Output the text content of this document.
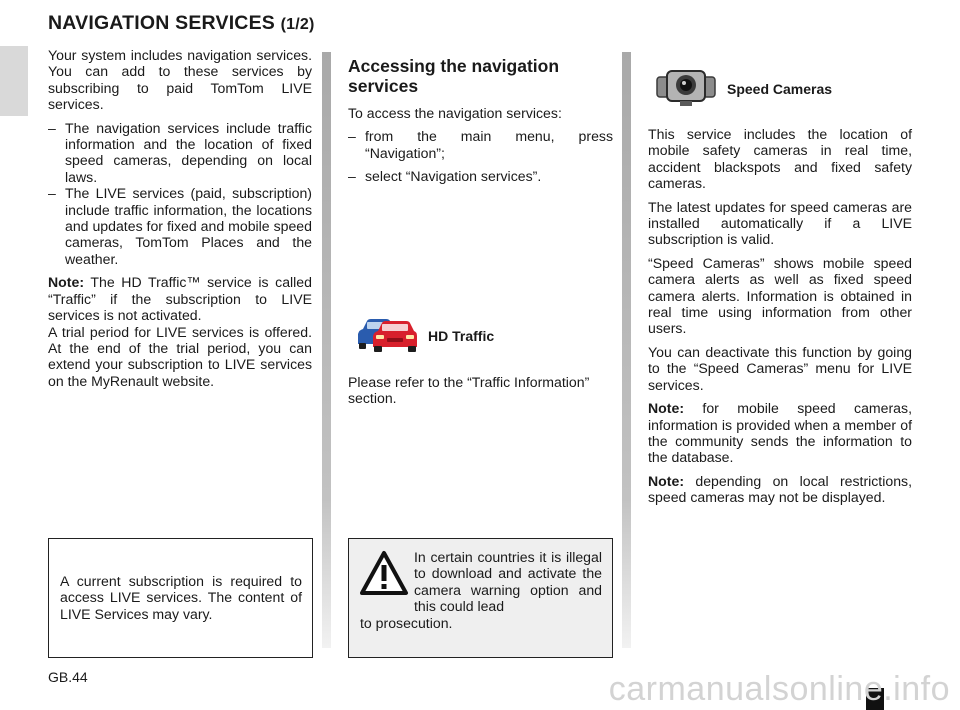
NAVIGATION SERVICES (1/2)

Your system includes navigation services. You can add to these services by subscribing to paid TomTom LIVE services.

– The navigation services include traffic information and the location of fixed speed cameras, depending on local laws.
– The LIVE services (paid, subscription) include traffic information, the locations and updates for fixed and mobile speed cameras, TomTom Places and the weather.

Note: The HD Traffic™ service is called “Traffic” if the subscription to LIVE services is not activated.

A trial period for LIVE services is offered. At the end of the trial period, you can extend your subscription to LIVE services on the MyRenault website.

Accessing the navigation services

To access the navigation services:

– from the main menu, press “Navigation”;
– select “Navigation services”.
HD Traffic
Please refer to the “Traffic Information” section.
Speed Cameras

This service includes the location of mobile safety cameras in real time, accident blackspots and fixed safety cameras.

The latest updates for speed cameras are installed automatically if a LIVE subscription is valid.

“Speed Cameras” shows mobile speed camera alerts as well as fixed speed camera alerts. Information is obtained in real time using information from other users.

You can deactivate this function by going to the “Speed Cameras” menu for LIVE services.

Note: for mobile speed cameras, information is provided when a member of the community sends the information to the database.

Note: depending on local restrictions, speed cameras may not be displayed.

A current subscription is required to access LIVE services. The content of LIVE Services may vary.
In certain countries it is illegal to download and activate the camera warning option and this could lead
to prosecution.
GB.44	carmanualsonline.info
